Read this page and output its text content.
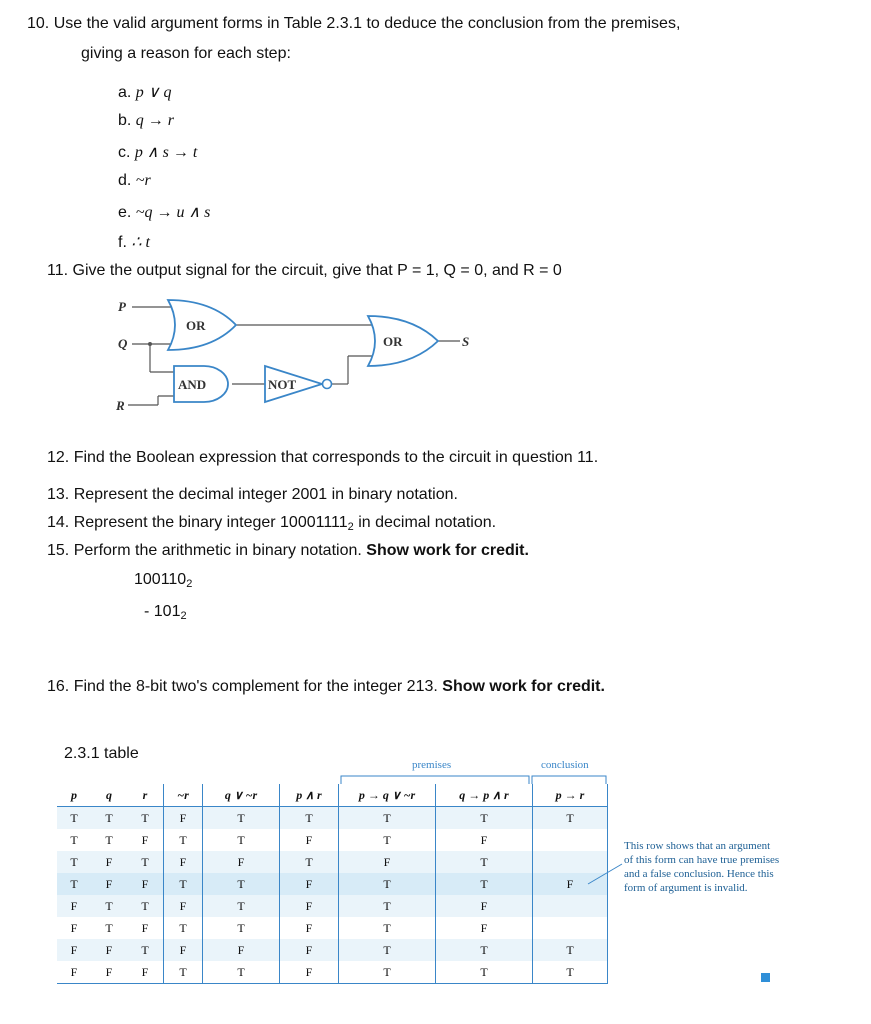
10. Use the valid argument forms in Table 2.3.1 to deduce the conclusion from the premises,
giving a reason for each step:
a. p ∨ q
b. q → r
c. p ∧ s → t
d. ~r
e. ~q → u ∧ s
f. ∴ t
11. Give the output signal for the circuit, give that P = 1, Q = 0, and R = 0
P
Q
R
S
OR
AND	NOT
OR
12. Find the Boolean expression that corresponds to the circuit in question 11.
13. Represent the decimal integer 2001 in binary notation.
14. Represent the binary integer $10001111_2$ in decimal notation.
15. Perform the arithmetic in binary notation. Show work for credit.
$100110_2$
- $101_2$
16. Find the 8-bit two's complement for the integer 213. Show work for credit.
2.3.1 table
premises	conclusion
p	q	r	~r	q ∨ ~r	p ∧ r	p → q ∨ ~r	q → p ∧ r	p → r
T	T	T	F	T	T	T	T	T
T	T	F	T	T	F	T	F	
T	F	T	F	F	T	F	T	
T	F	F	T	T	F	T	T	F
F	T	T	F	T	F	T	F	
F	T	F	T	T	F	T	F	
F	F	T	F	F	F	T	T	T
F	F	F	T	T	F	T	T	T
This row shows that an argument of this form can have true premises and a false conclusion. Hence this form of argument is invalid.
